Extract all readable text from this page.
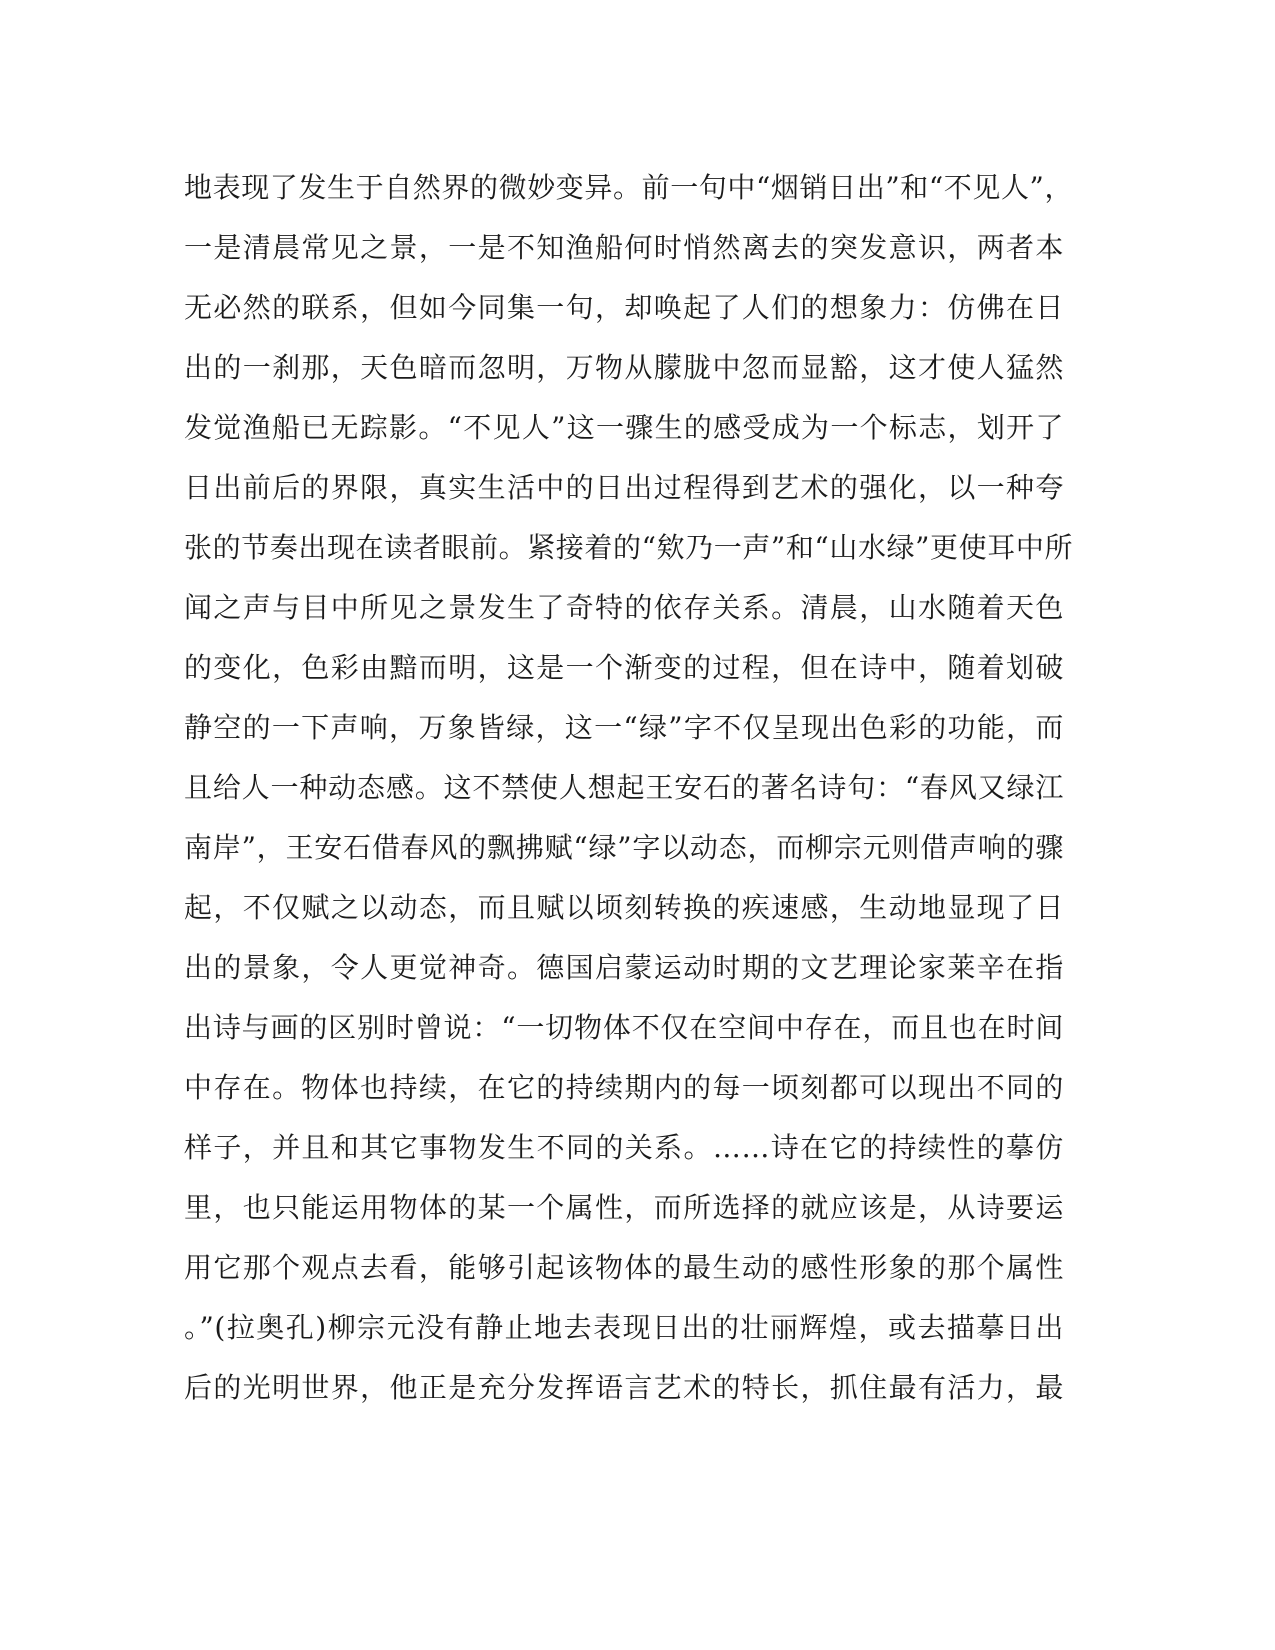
地表现了发生于自然界的微妙变异。前一句中“烟销日出”和“不见人”，
一是清晨常见之景，一是不知渔船何时悄然离去的突发意识，两者本
无必然的联系，但如今同集一句，却唤起了人们的想象力：仿佛在日
出的一刹那，天色暗而忽明，万物从朦胧中忽而显豁，这才使人猛然
发觉渔船已无踪影。“不见人”这一骤生的感受成为一个标志，划开了
日出前后的界限，真实生活中的日出过程得到艺术的强化，以一种夸
张的节奏出现在读者眼前。紧接着的“欸乃一声”和“山水绿”更使耳中所
闻之声与目中所见之景发生了奇特的依存关系。清晨，山水随着天色
的变化，色彩由黯而明，这是一个渐变的过程，但在诗中，随着划破
静空的一下声响，万象皆绿，这一“绿”字不仅呈现出色彩的功能，而
且给人一种动态感。这不禁使人想起王安石的著名诗句：“春风又绿江
南岸”，王安石借春风的飘拂赋“绿”字以动态，而柳宗元则借声响的骤
起，不仅赋之以动态，而且赋以顷刻转换的疾速感，生动地显现了日
出的景象，令人更觉神奇。德国启蒙运动时期的文艺理论家莱辛在指
出诗与画的区别时曾说：“一切物体不仅在空间中存在，而且也在时间
中存在。物体也持续，在它的持续期内的每一顷刻都可以现出不同的
样子，并且和其它事物发生不同的关系。……诗在它的持续性的摹仿
里，也只能运用物体的某一个属性，而所选择的就应该是，从诗要运
用它那个观点去看，能够引起该物体的最生动的感性形象的那个属性
。”(拉奥孔)柳宗元没有静止地去表现日出的壮丽辉煌，或去描摹日出
后的光明世界，他正是充分发挥语言艺术的特长，抓住最有活力，最
